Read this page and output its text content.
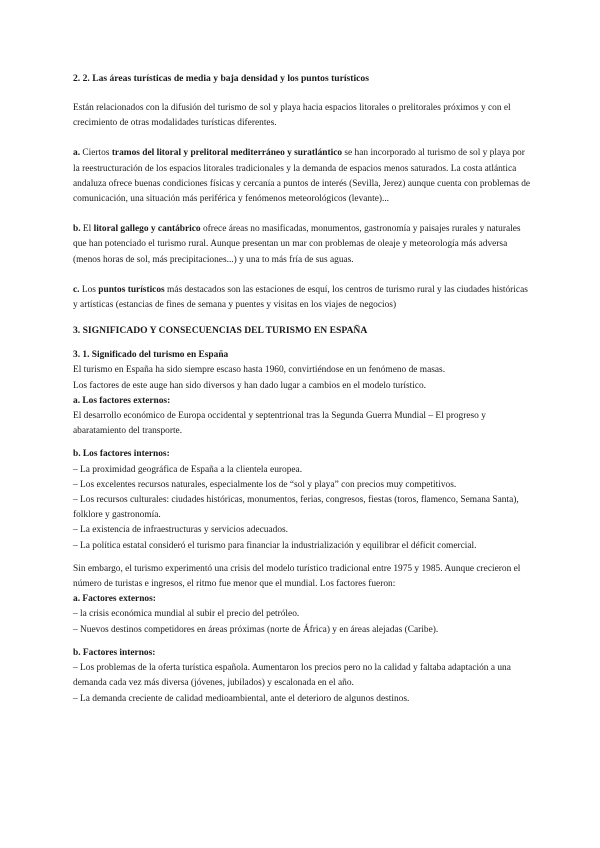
2. 2. Las áreas turísticas de media y baja densidad y los puntos turísticos

Están relacionados con la difusión del turismo de sol y playa hacia espacios litorales o prelitorales próximos y con el crecimiento de otras modalidades turísticas diferentes.

a. Ciertos tramos del litoral y prelitoral mediterráneo y suratlántico se han incorporado al turismo de sol y playa por la reestructuración de los espacios litorales tradicionales y la demanda de espacios menos saturados. La costa atlántica andaluza ofrece buenas condiciones físicas y cercanía a puntos de interés (Sevilla, Jerez) aunque cuenta con problemas de comunicación, una situación más periférica y fenómenos meteorológicos (levante)...

b. El litoral gallego y cantábrico ofrece áreas no masificadas, monumentos, gastronomía y paisajes rurales y naturales que han potenciado el turismo rural. Aunque presentan un mar con problemas de oleaje y meteorología más adversa (menos horas de sol, más precipitaciones...) y una to más fría de sus aguas.

c. Los puntos turísticos más destacados son las estaciones de esquí, los centros de turismo rural y las ciudades históricas y artísticas (estancias de fines de semana y puentes y visitas en los viajes de negocios)

3. SIGNIFICADO Y CONSECUENCIAS DEL TURISMO EN ESPAÑA

3. 1. Significado del turismo en España

El turismo en España ha sido siempre escaso hasta 1960, convirtiéndose en un fenómeno de masas.

Los factores de este auge han sido diversos y han dado lugar a cambios en el modelo turístico.

a. Los factores externos:

El desarrollo económico de Europa occidental y septentrional tras la Segunda Guerra Mundial – El progreso y abaratamiento del transporte.

b. Los factores internos:

– La proximidad geográfica de España a la clientela europea.

– Los excelentes recursos naturales, especialmente los de “sol y playa” con precios muy competitivos.

– Los recursos culturales: ciudades históricas, monumentos, ferias, congresos, fiestas (toros, flamenco, Semana Santa), folklore y gastronomía.

– La existencia de infraestructuras y servicios adecuados.

– La política estatal consideró el turismo para financiar la industrialización y equilibrar el déficit comercial.

Sin embargo, el turismo experimentó una crisis del modelo turístico tradicional entre 1975 y 1985. Aunque crecieron el número de turistas e ingresos, el ritmo fue menor que el mundial. Los factores fueron:

a. Factores externos:

– la crisis económica mundial al subir el precio del petróleo.

– Nuevos destinos competidores en áreas próximas (norte de África) y en áreas alejadas (Caribe).

b. Factores internos:

– Los problemas de la oferta turística española. Aumentaron los precios pero no la calidad y faltaba adaptación a una demanda cada vez más diversa (jóvenes, jubilados) y escalonada en el año.

– La demanda creciente de calidad medioambiental, ante el deterioro de algunos destinos.
